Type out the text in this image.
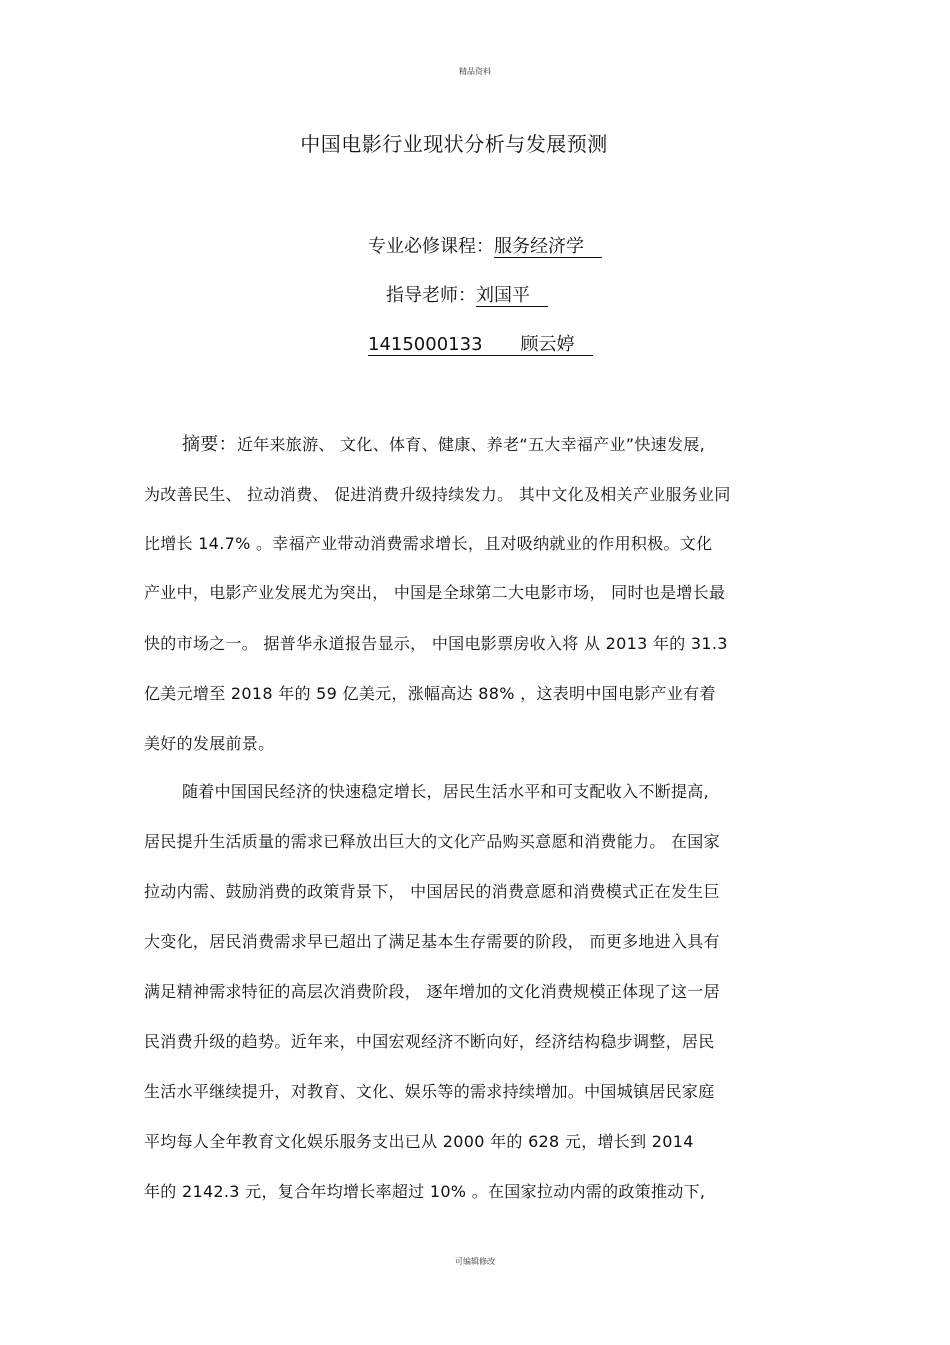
精品资料
中国电影行业现状分析与发展预测
专业必修课程：服务经济学
指导老师：刘国平
1415000133 顾云婷
摘要：近年来旅游、 文化、体育、健康、养老“五大幸福产业”快速发展,
为改善民生、 拉动消费、 促进消费升级持续发力。 其中文化及相关产业服务业同
比增长 14.7% 。幸福产业带动消费需求增长，且对吸纳就业的作用积极。文化
产业中，电影产业发展尤为突出， 中国是全球第二大电影市场， 同时也是增长最
快的市场之一。 据普华永道报告显示， 中国电影票房收入将 从 2013 年的 31.3
亿美元增至 2018 年的 59 亿美元，涨幅高达 88% ，这表明中国电影产业有着
美好的发展前景。
随着中国国民经济的快速稳定增长，居民生活水平和可支配收入不断提高,
居民提升生活质量的需求已释放出巨大的文化产品购买意愿和消费能力。 在国家
拉动内需、鼓励消费的政策背景下， 中国居民的消费意愿和消费模式正在发生巨
大变化，居民消费需求早已超出了满足基本生存需要的阶段， 而更多地进入具有
满足精神需求特征的高层次消费阶段， 逐年增加的文化消费规模正体现了这一居
民消费升级的趋势。近年来，中国宏观经济不断向好，经济结构稳步调整，居民
生活水平继续提升，对教育、文化、娱乐等的需求持续增加。中国城镇居民家庭
平均每人全年教育文化娱乐服务支出已从 2000 年的 628 元，增长到 2014
年的 2142.3 元，复合年均增长率超过 10% 。在国家拉动内需的政策推动下,
可编辑修改
